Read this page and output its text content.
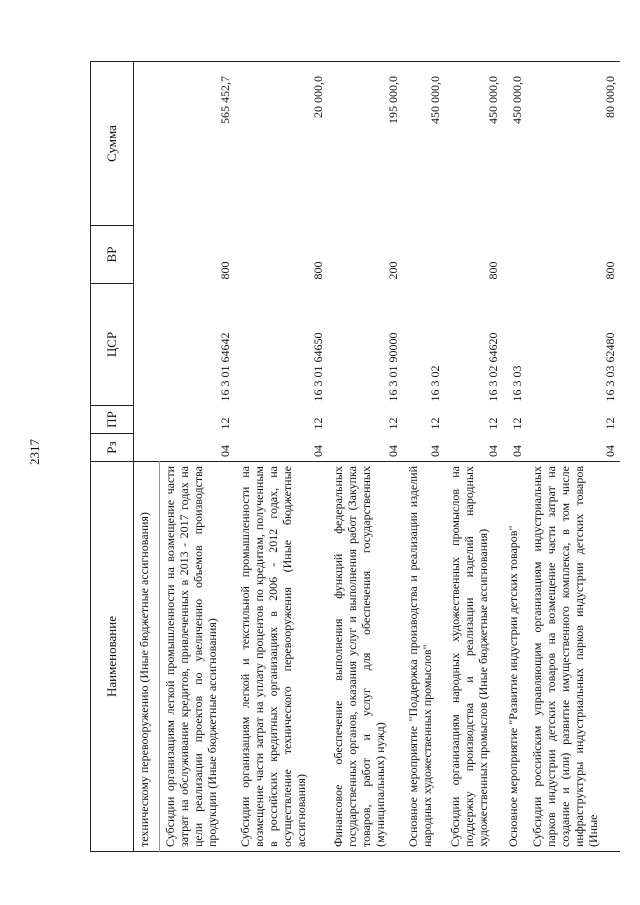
2317
Наименование	Рз	ПР	ЦСР	ВР	Сумма
техническому перевооружению (Иные бюджетные ассигнования)					
Субсидии организациям легкой промышленности на возмещение части затрат на обслуживание кредитов, привлеченных в 2013 - 2017 годах на цели реализации проектов по увеличению объемов производства продукции (Иные бюджетные ассигнования)	04	12	16 3 01 64642	800	565 452,7
Субсидии организациям легкой и текстильной промышленности на возмещение части затрат на уплату процентов по кредитам, полученным в российских кредитных организациях в 2006 - 2012 годах, на осуществление технического перевооружения (Иные бюджетные ассигнования)	04	12	16 3 01 64650	800	20 000,0
Финансовое обеспечение выполнения функций федеральных государственных органов, оказания услуг и выполнения работ (Закупка товаров, работ и услуг для обеспечения государственных (муниципальных) нужд)	04	12	16 3 01 90000	200	195 000,0
Основное мероприятие "Поддержка производства и реализации изделий народных художественных промыслов"	04	12	16 3 02		450 000,0
Субсидии организациям народных художественных промыслов на поддержку производства и реализации изделий народных художественных промыслов (Иные бюджетные ассигнования)	04	12	16 3 02 64620	800	450 000,0
Основное мероприятие "Развитие индустрии детских товаров"	04	12	16 3 03		450 000,0
Субсидии российским управляющим организациям индустриальных парков индустрии детских товаров на возмещение части затрат на создание и (или) развитие имущественного комплекса, в том числе инфраструктуры индустриальных парков индустрии детских товаров (Иные	04	12	16 3 03 62480	800	80 000,0
